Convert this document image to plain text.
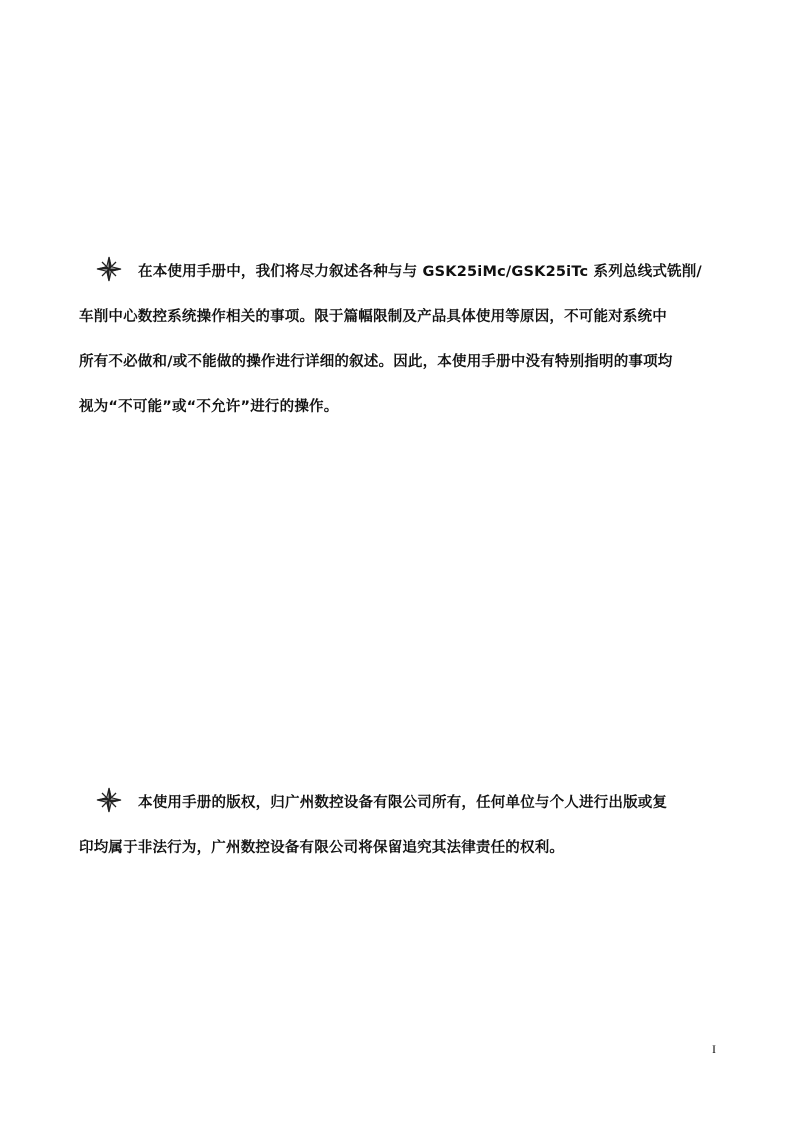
在本使用手册中，我们将尽力叙述各种与与 GSK25iMc/GSK25iTc 系列总线式铣削/
车削中心数控系统操作相关的事项。限于篇幅限制及产品具体使用等原因，不可能对系统中
所有不必做和/或不能做的操作进行详细的叙述。因此，本使用手册中没有特别指明的事项均
视为“不可能”或“不允许”进行的操作。
本使用手册的版权，归广州数控设备有限公司所有，任何单位与个人进行出版或复
印均属于非法行为，广州数控设备有限公司将保留追究其法律责任的权利。
I
